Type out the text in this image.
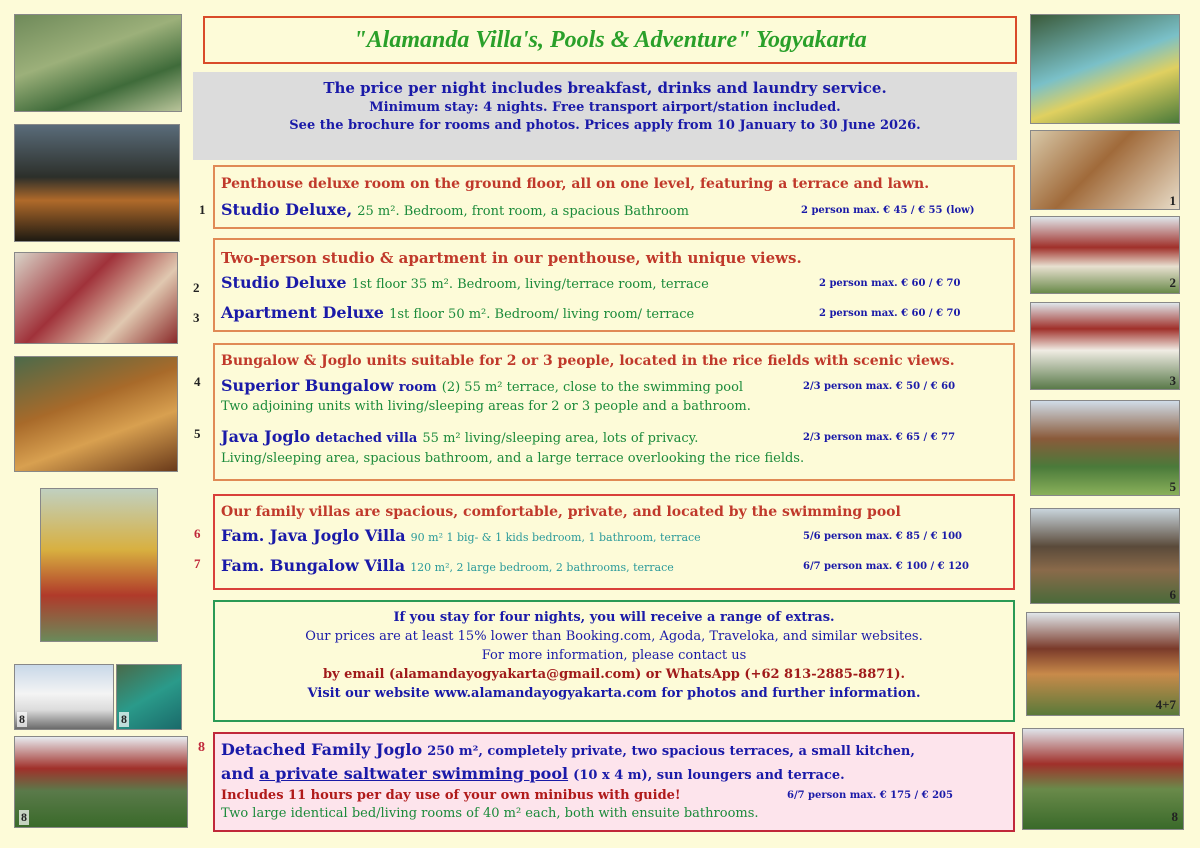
8	8
8
1
2
3
5
6
4+7
8
"Alamanda Villa's, Pools & Adventure" Yogyakarta
The price per night includes breakfast, drinks and laundry service.
Minimum stay: 4 nights. Free transport airport/station included.
See the brochure for rooms and photos. Prices apply from 10 January to 30 June 2026.
1
Penthouse deluxe room on the ground floor, all on one level, featuring a terrace and lawn.
Studio Deluxe, 25 m². Bedroom, front room, a spacious Bathroom	2 person max. € 45 / € 55 (low)
2
3
Two-person studio & apartment in our penthouse, with unique views.
Studio Deluxe 1st floor 35 m². Bedroom, living/terrace room, terrace	2 person max. € 60 / € 70
Apartment Deluxe 1st floor 50 m². Bedroom/ living room/ terrace	2 person max. € 60 / € 70
4
5
Bungalow & Joglo units suitable for 2 or 3 people, located in the rice fields with scenic views.
Superior Bungalow room (2) 55 m² terrace, close to the swimming pool	2/3 person max. € 50 / € 60
Two adjoining units with living/sleeping areas for 2 or 3 people and a bathroom.
Java Joglo detached villa 55 m² living/sleeping area, lots of privacy.	2/3 person max. € 65 / € 77
Living/sleeping area, spacious bathroom, and a large terrace overlooking the rice fields.
6
7
Our family villas are spacious, comfortable, private, and located by the swimming pool
Fam. Java Joglo Villa 90 m² 1 big- & 1 kids bedroom, 1 bathroom, terrace	5/6 person max. € 85 / € 100
Fam. Bungalow Villa 120 m², 2 large bedroom, 2 bathrooms, terrace	6/7 person max. € 100 / € 120
If you stay for four nights, you will receive a range of extras.
Our prices are at least 15% lower than Booking.com, Agoda, Traveloka, and similar websites.
For more information, please contact us
by email (alamandayogyakarta@gmail.com) or WhatsApp (+62 813-2885-8871).
Visit our website www.alamandayogyakarta.com for photos and further information.
8 Detached Family Joglo 250 m², completely private, two spacious terraces, a small kitchen,
and a private saltwater swimming pool (10 x 4 m), sun loungers and terrace.
Includes 11 hours per day use of your own minibus with guide!	6/7 person max. € 175 / € 205
Two large identical bed/living rooms of 40 m² each, both with ensuite bathrooms.
